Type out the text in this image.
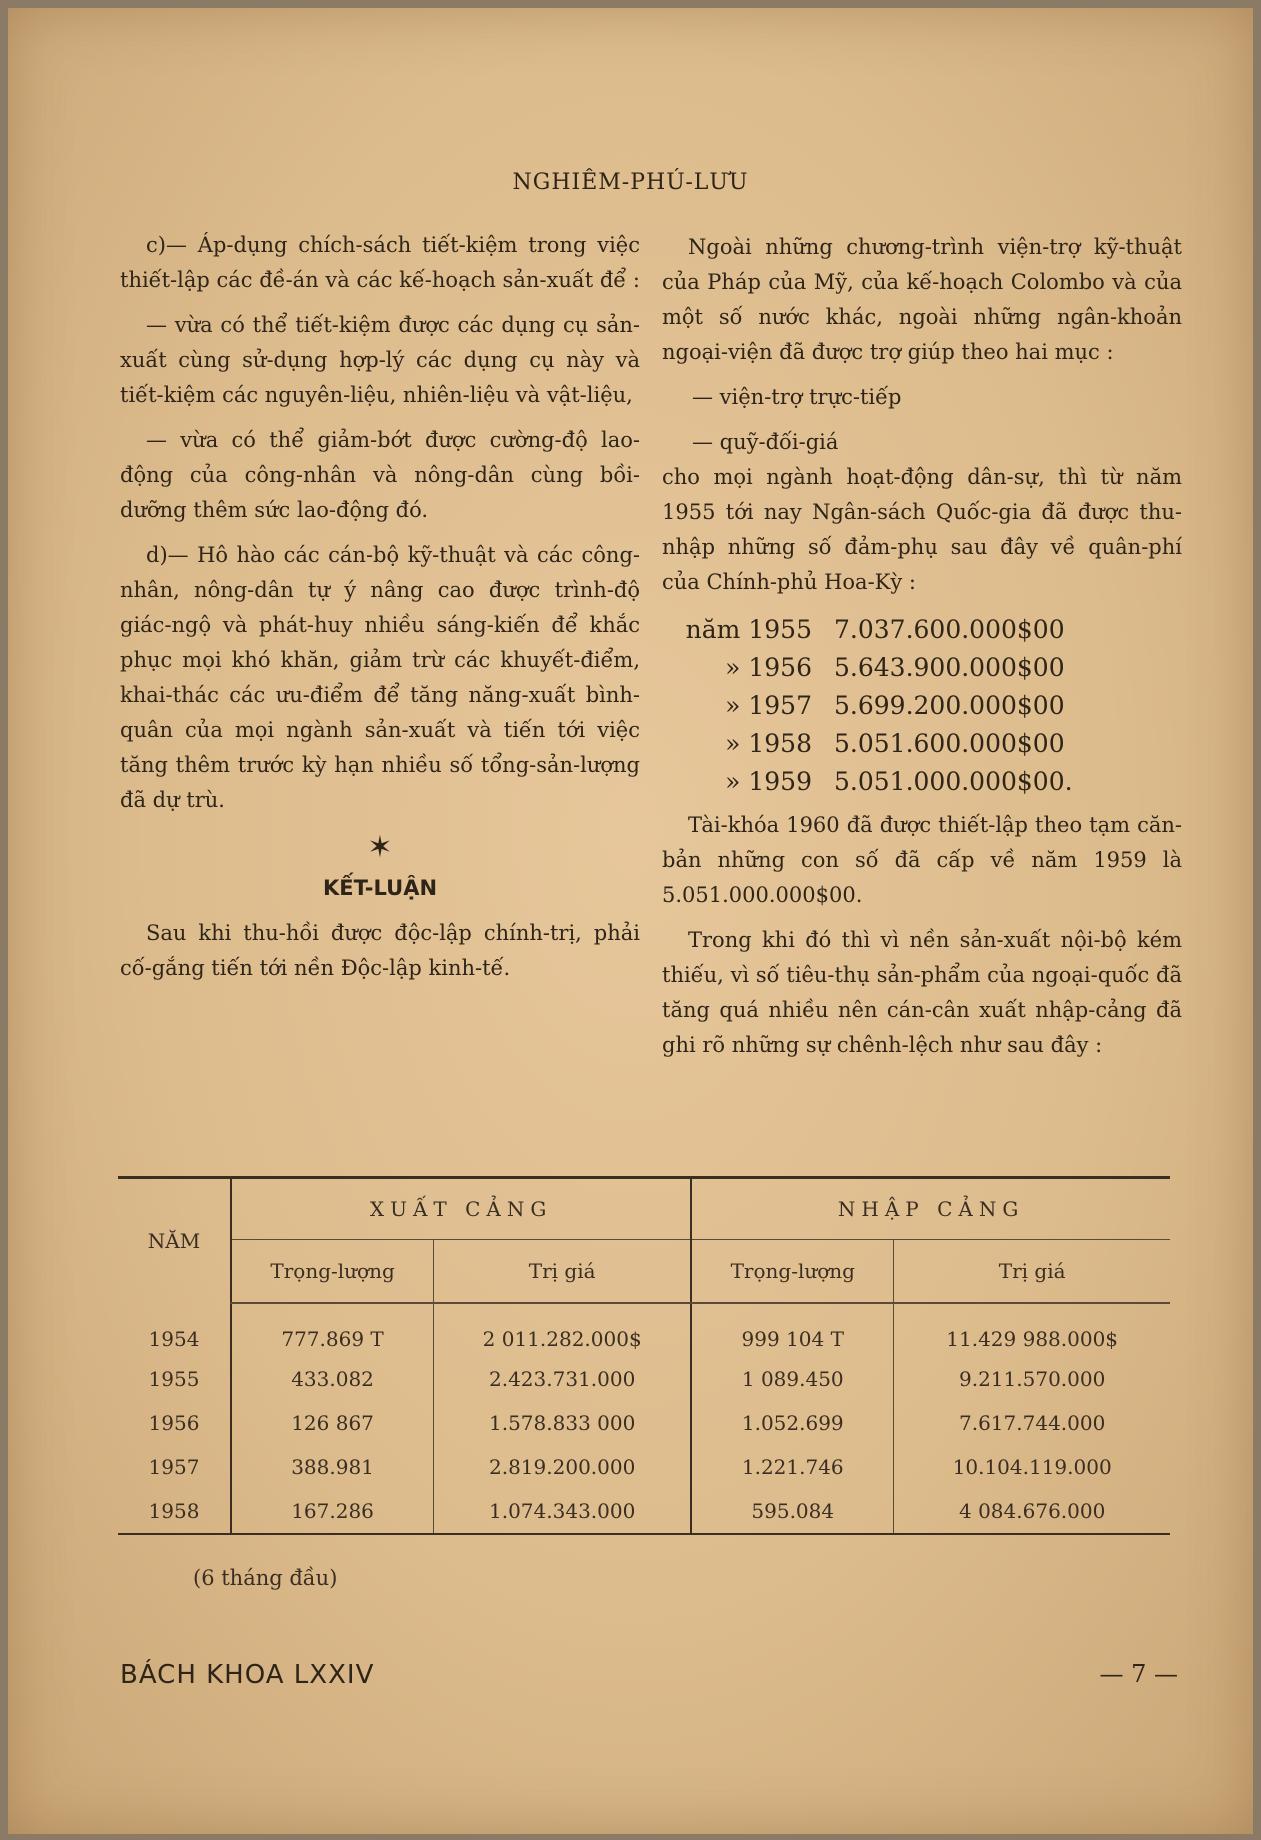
NGHIÊM-PHÚ-LƯU

c)— Áp-dụng chích-sách tiết-kiệm trong việc thiết-lập các đề-án và các kế-hoạch sản-xuất để :

— vừa có thể tiết-kiệm được các dụng cụ sản-xuất cùng sử-dụng hợp-lý các dụng cụ này và tiết-kiệm các nguyên-liệu, nhiên-liệu và vật-liệu,

— vừa có thể giảm-bớt được cường-độ lao-động của công-nhân và nông-dân cùng bồi-dưỡng thêm sức lao-động đó.

d)— Hô hào các cán-bộ kỹ-thuật và các công-nhân, nông-dân tự ý nâng cao được trình-độ giác-ngộ và phát-huy nhiều sáng-kiến để khắc phục mọi khó khăn, giảm trừ các khuyết-điểm, khai-thác các ưu-điểm để tăng năng-xuất bình-quân của mọi ngành sản-xuất và tiến tới việc tăng thêm trước kỳ hạn nhiều số tổng-sản-lượng đã dự trù.

✶
KẾT-LUẬN

Sau khi thu-hồi được độc-lập chính-trị, phải cố-gắng tiến tới nền Độc-lập kinh-tế.

Ngoài những chương-trình viện-trợ kỹ-thuật của Pháp của Mỹ, của kế-hoạch Colombo và của một số nước khác, ngoài những ngân-khoản ngoại-viện đã được trợ giúp theo hai mục :

— viện-trợ trực-tiếp

— quỹ-đối-giá

cho mọi ngành hoạt-động dân-sự, thì từ năm 1955 tới nay Ngân-sách Quốc-gia đã được thu-nhập những số đảm-phụ sau đây về quân-phí của Chính-phủ Hoa-Kỳ :

năm 1955	7.037.600.000$00
» 1956	5.643.900.000$00
» 1957	5.699.200.000$00
» 1958	5.051.600.000$00
» 1959	5.051.000.000$00.

Tài-khóa 1960 đã được thiết-lập theo tạm căn-bản những con số đã cấp về năm 1959 là 5.051.000.000$00.

Trong khi đó thì vì nền sản-xuất nội-bộ kém thiếu, vì số tiêu-thụ sản-phẩm của ngoại-quốc đã tăng quá nhiều nên cán-cân xuất nhập-cảng đã ghi rõ những sự chênh-lệch như sau đây :

NĂM	XUẤT CẢNG		NHẬP CẢNG	
	Trọng-lượng	Trị giá	Trọng-lượng	Trị giá
1954	777.869 T	2 011.282.000$	999 104 T	11.429 988.000$
1955	433.082	2.423.731.000	1 089.450	9.211.570.000
1956	126 867	1.578.833 000	1.052.699	7.617.744.000
1957	388.981	2.819.200.000	1.221.746	10.104.119.000
1958	167.286	1.074.343.000	595.084	4 084.676.000
(6 tháng đầu)
BÁCH KHOA LXXIV	— 7 —
